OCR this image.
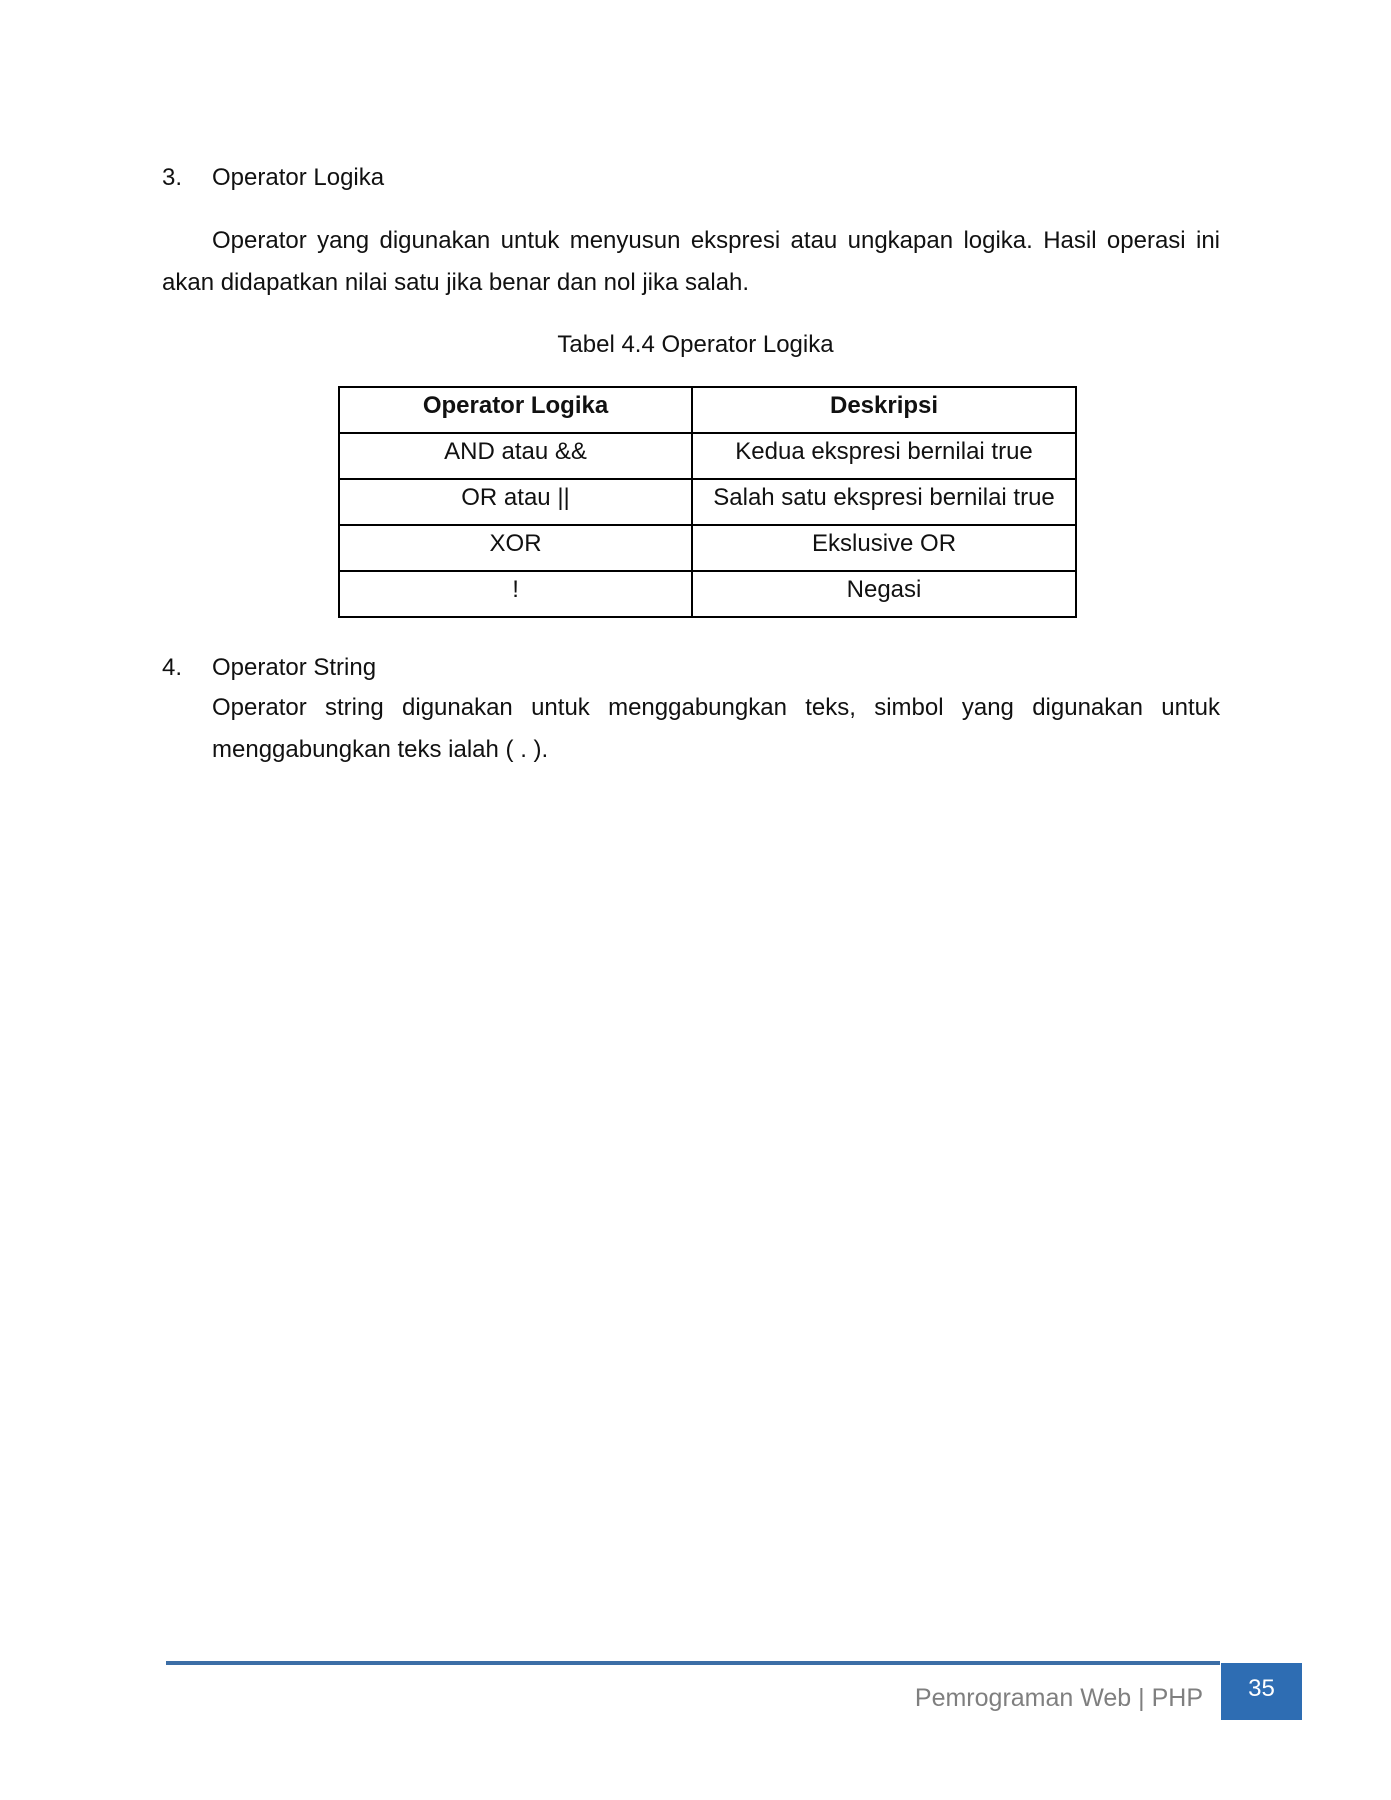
3. Operator Logika
Operator yang digunakan untuk menyusun ekspresi atau ungkapan logika. Hasil operasi ini akan didapatkan nilai satu jika benar dan nol jika salah.
Tabel 4.4 Operator Logika
Operator Logika	Deskripsi
AND atau &&	Kedua ekspresi bernilai true
OR atau ||	Salah satu ekspresi bernilai true
XOR	Ekslusive OR
!	Negasi
4. Operator String
Operator string digunakan untuk menggabungkan teks, simbol yang digunakan untuk menggabungkan teks ialah ( . ).
Pemrograman Web | PHP	35
